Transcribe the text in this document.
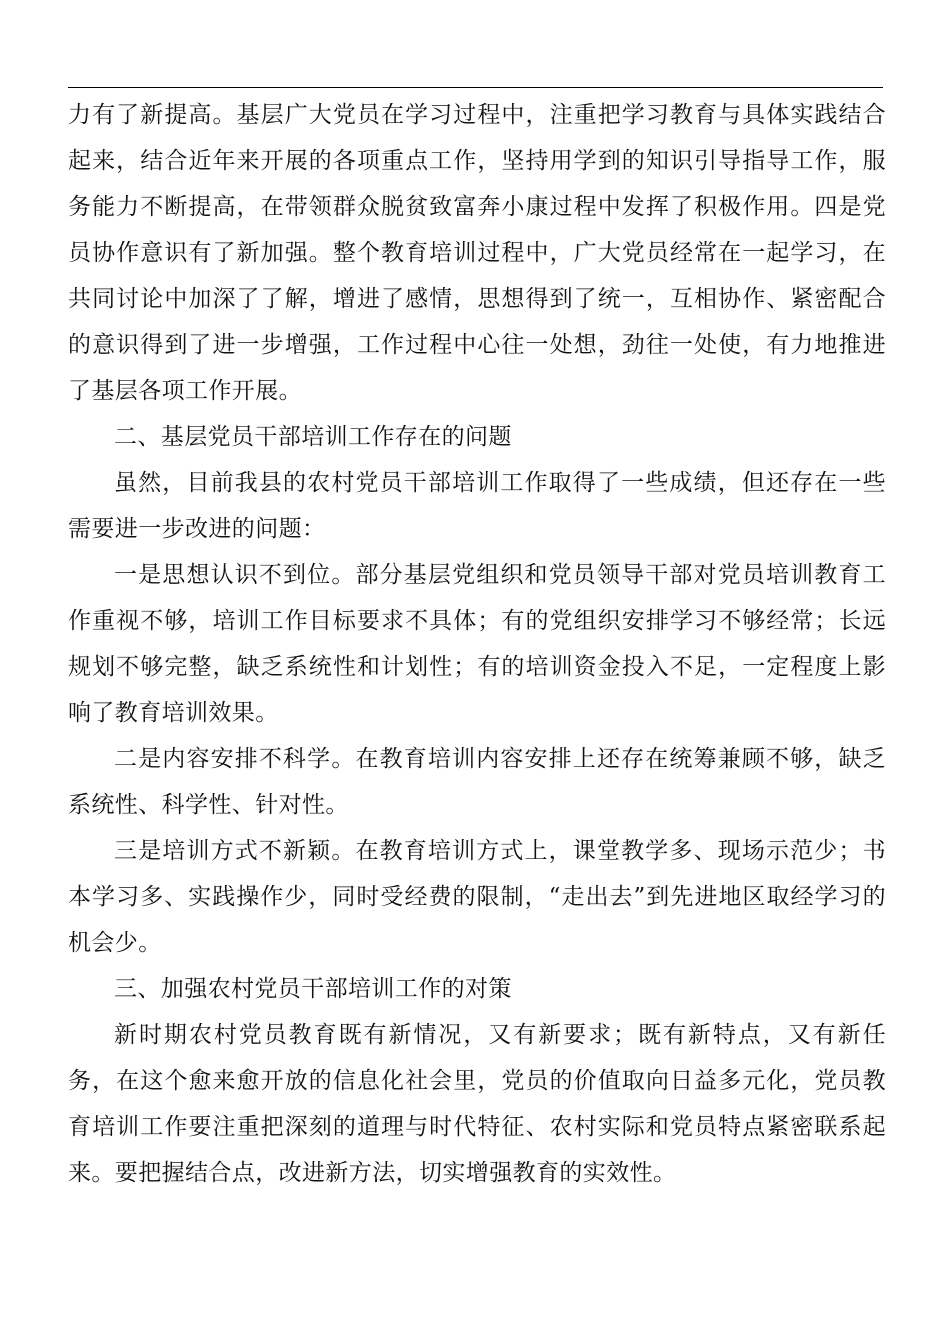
力有了新提高。基层广大党员在学习过程中，注重把学习教育与具体实践结合起来，结合近年来开展的各项重点工作，坚持用学到的知识引导指导工作，服务能力不断提高，在带领群众脱贫致富奔小康过程中发挥了积极作用。四是党员协作意识有了新加强。整个教育培训过程中，广大党员经常在一起学习，在共同讨论中加深了了解，增进了感情，思想得到了统一，互相协作、紧密配合的意识得到了进一步增强，工作过程中心往一处想，劲往一处使，有力地推进了基层各项工作开展。

二、基层党员干部培训工作存在的问题

虽然，目前我县的农村党员干部培训工作取得了一些成绩，但还存在一些需要进一步改进的问题：

一是思想认识不到位。部分基层党组织和党员领导干部对党员培训教育工作重视不够，培训工作目标要求不具体；有的党组织安排学习不够经常；长远规划不够完整，缺乏系统性和计划性；有的培训资金投入不足，一定程度上影响了教育培训效果。

二是内容安排不科学。在教育培训内容安排上还存在统筹兼顾不够，缺乏系统性、科学性、针对性。

三是培训方式不新颖。在教育培训方式上，课堂教学多、现场示范少；书本学习多、实践操作少，同时受经费的限制，“走出去”到先进地区取经学习的机会少。

三、加强农村党员干部培训工作的对策

新时期农村党员教育既有新情况，又有新要求；既有新特点，又有新任务，在这个愈来愈开放的信息化社会里，党员的价值取向日益多元化，党员教育培训工作要注重把深刻的道理与时代特征、农村实际和党员特点紧密联系起来。要把握结合点，改进新方法，切实增强教育的实效性。
